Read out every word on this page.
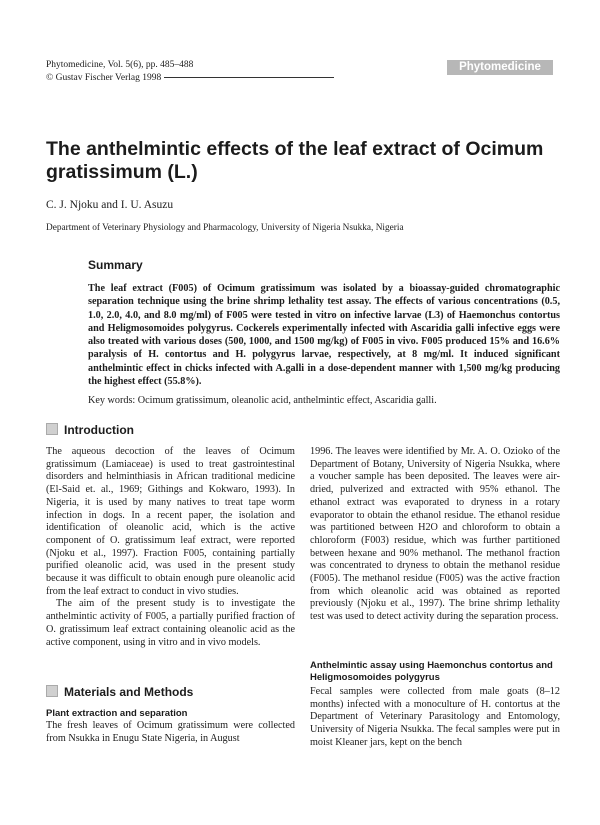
Phytomedicine, Vol. 5(6), pp. 485–488
© Gustav Fischer Verlag 1998
Phytomedicine
The anthelmintic effects of the leaf extract of Ocimum gratissimum (L.)
C. J. Njoku and I. U. Asuzu
Department of Veterinary Physiology and Pharmacology, University of Nigeria Nsukka, Nigeria
Summary

The leaf extract (F005) of Ocimum gratissimum was isolated by a bioassay-guided chromatographic separation technique using the brine shrimp lethality test assay. The effects of various concentrations (0.5, 1.0, 2.0, 4.0, and 8.0 mg/ml) of F005 were tested in vitro on infective larvae (L3) of Haemonchus contortus and Heligmosomoides polygyrus. Cockerels experimentally infected with Ascaridia galli infective eggs were also treated with various doses (500, 1000, and 1500 mg/kg) of F005 in vivo. F005 produced 15% and 16.6% paralysis of H. contortus and H. polygyrus larvae, respectively, at 8 mg/ml. It induced significant anthelmintic effect in chicks infected with A.galli in a dose-dependent manner with 1,500 mg/kg producing the highest effect (55.8%).

Key words: Ocimum gratissimum, oleanolic acid, anthelmintic effect, Ascaridia galli.
Introduction

The aqueous decoction of the leaves of Ocimum gratissimum (Lamiaceae) is used to treat gastrointestinal disorders and helminthiasis in African traditional medicine (El-Said et. al., 1969; Githings and Kokwaro, 1993). In Nigeria, it is used by many natives to treat tape worm infection in dogs. In a recent paper, the isolation and identification of oleanolic acid, which is the active component of O. gratissimum leaf extract, were reported (Njoku et al., 1997). Fraction F005, containing partially purified oleanolic acid, was used in the present study because it was difficult to obtain enough pure oleanolic acid from the leaf extract to conduct in vivo studies.

The aim of the present study is to investigate the anthelmintic activity of F005, a partially purified fraction of O. gratissimum leaf extract containing oleanolic acid as the active component, using in vitro and in vivo models.

Materials and Methods
Plant extraction and separation

The fresh leaves of Ocimum gratissimum were collected from Nsukka in Enugu State Nigeria, in August

1996. The leaves were identified by Mr. A. O. Ozioko of the Department of Botany, University of Nigeria Nsukka, where a voucher sample has been deposited. The leaves were air-dried, pulverized and extracted with 95% ethanol. The ethanol extract was evaporated to dryness in a rotary evaporator to obtain the ethanol residue. The ethanol residue was partitioned between H2O and chloroform to obtain a chloroform (F003) residue, which was further partitioned between hexane and 90% methanol. The methanol fraction was concentrated to dryness to obtain the methanol residue (F005). The methanol residue (F005) was the active fraction from which oleanolic acid was obtained as reported previously (Njoku et al., 1997). The brine shrimp lethality test was used to detect activity during the separation process.

Anthelmintic assay using Haemonchus contortus and Heligmosomoides polygyrus

Fecal samples were collected from male goats (8–12 months) infected with a monoculture of H. contortus at the Department of Veterinary Parasitology and Entomology, University of Nigeria Nsukka. The fecal samples were put in moist Kleaner jars, kept on the bench
